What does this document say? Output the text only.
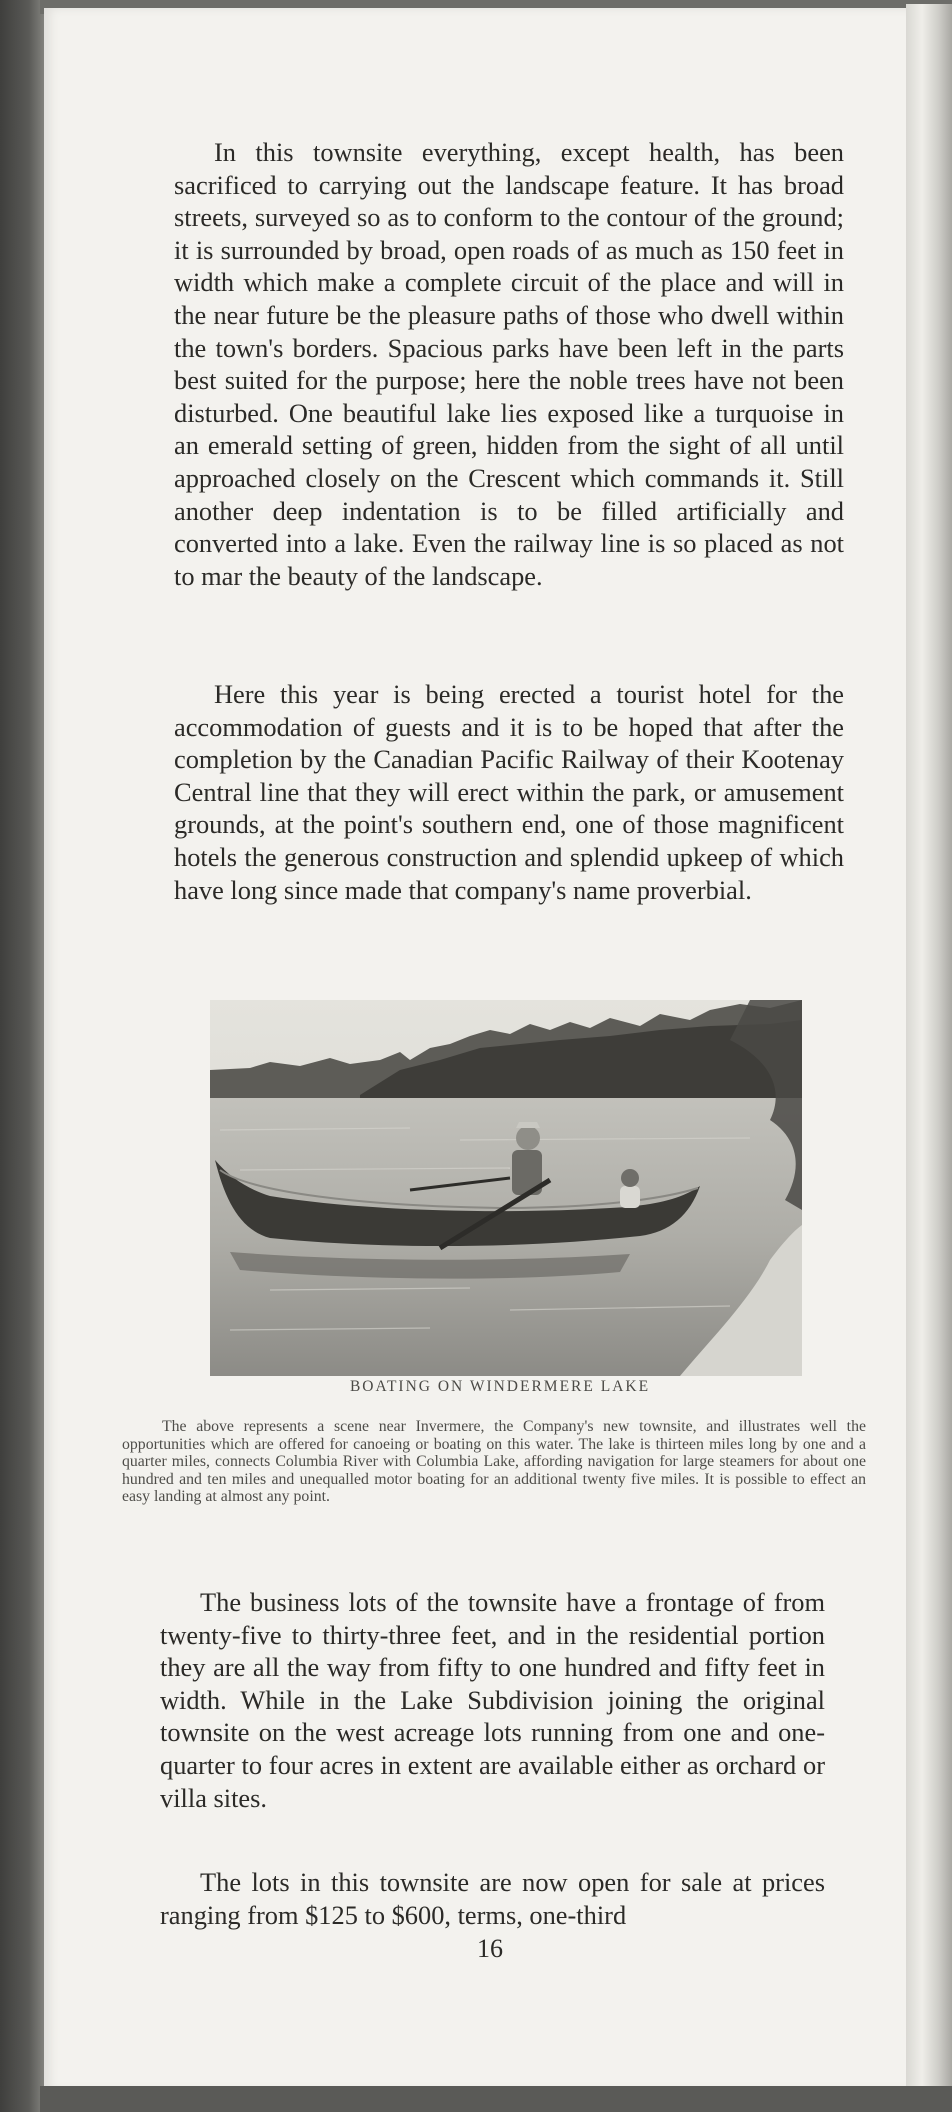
In this townsite everything, except health, has been sacrificed to carrying out the landscape feature. It has broad streets, surveyed so as to conform to the contour of the ground; it is surrounded by broad, open roads of as much as 150 feet in width which make a complete circuit of the place and will in the near future be the pleasure paths of those who dwell within the town's borders. Spacious parks have been left in the parts best suited for the purpose; here the noble trees have not been disturbed. One beautiful lake lies exposed like a turquoise in an emerald setting of green, hidden from the sight of all until approached closely on the Crescent which commands it. Still another deep indentation is to be filled artificially and converted into a lake. Even the railway line is so placed as not to mar the beauty of the landscape.

Here this year is being erected a tourist hotel for the accommodation of guests and it is to be hoped that after the completion by the Canadian Pacific Railway of their Kootenay Central line that they will erect within the park, or amusement grounds, at the point's southern end, one of those magnificent hotels the generous construction and splendid upkeep of which have long since made that company's name proverbial.

BOATING ON WINDERMERE LAKE

The above represents a scene near Invermere, the Company's new townsite, and illustrates well the opportunities which are offered for canoeing or boating on this water. The lake is thirteen miles long by one and a quarter miles, connects Columbia River with Columbia Lake, affording navigation for large steamers for about one hundred and ten miles and unequalled motor boating for an additional twenty five miles. It is possible to effect an easy landing at almost any point.

The business lots of the townsite have a frontage of from twenty-five to thirty-three feet, and in the residential portion they are all the way from fifty to one hundred and fifty feet in width. While in the Lake Subdivision joining the original townsite on the west acreage lots running from one and one-quarter to four acres in extent are available either as orchard or villa sites.

The lots in this townsite are now open for sale at prices ranging from $125 to $600, terms, one-third

16
